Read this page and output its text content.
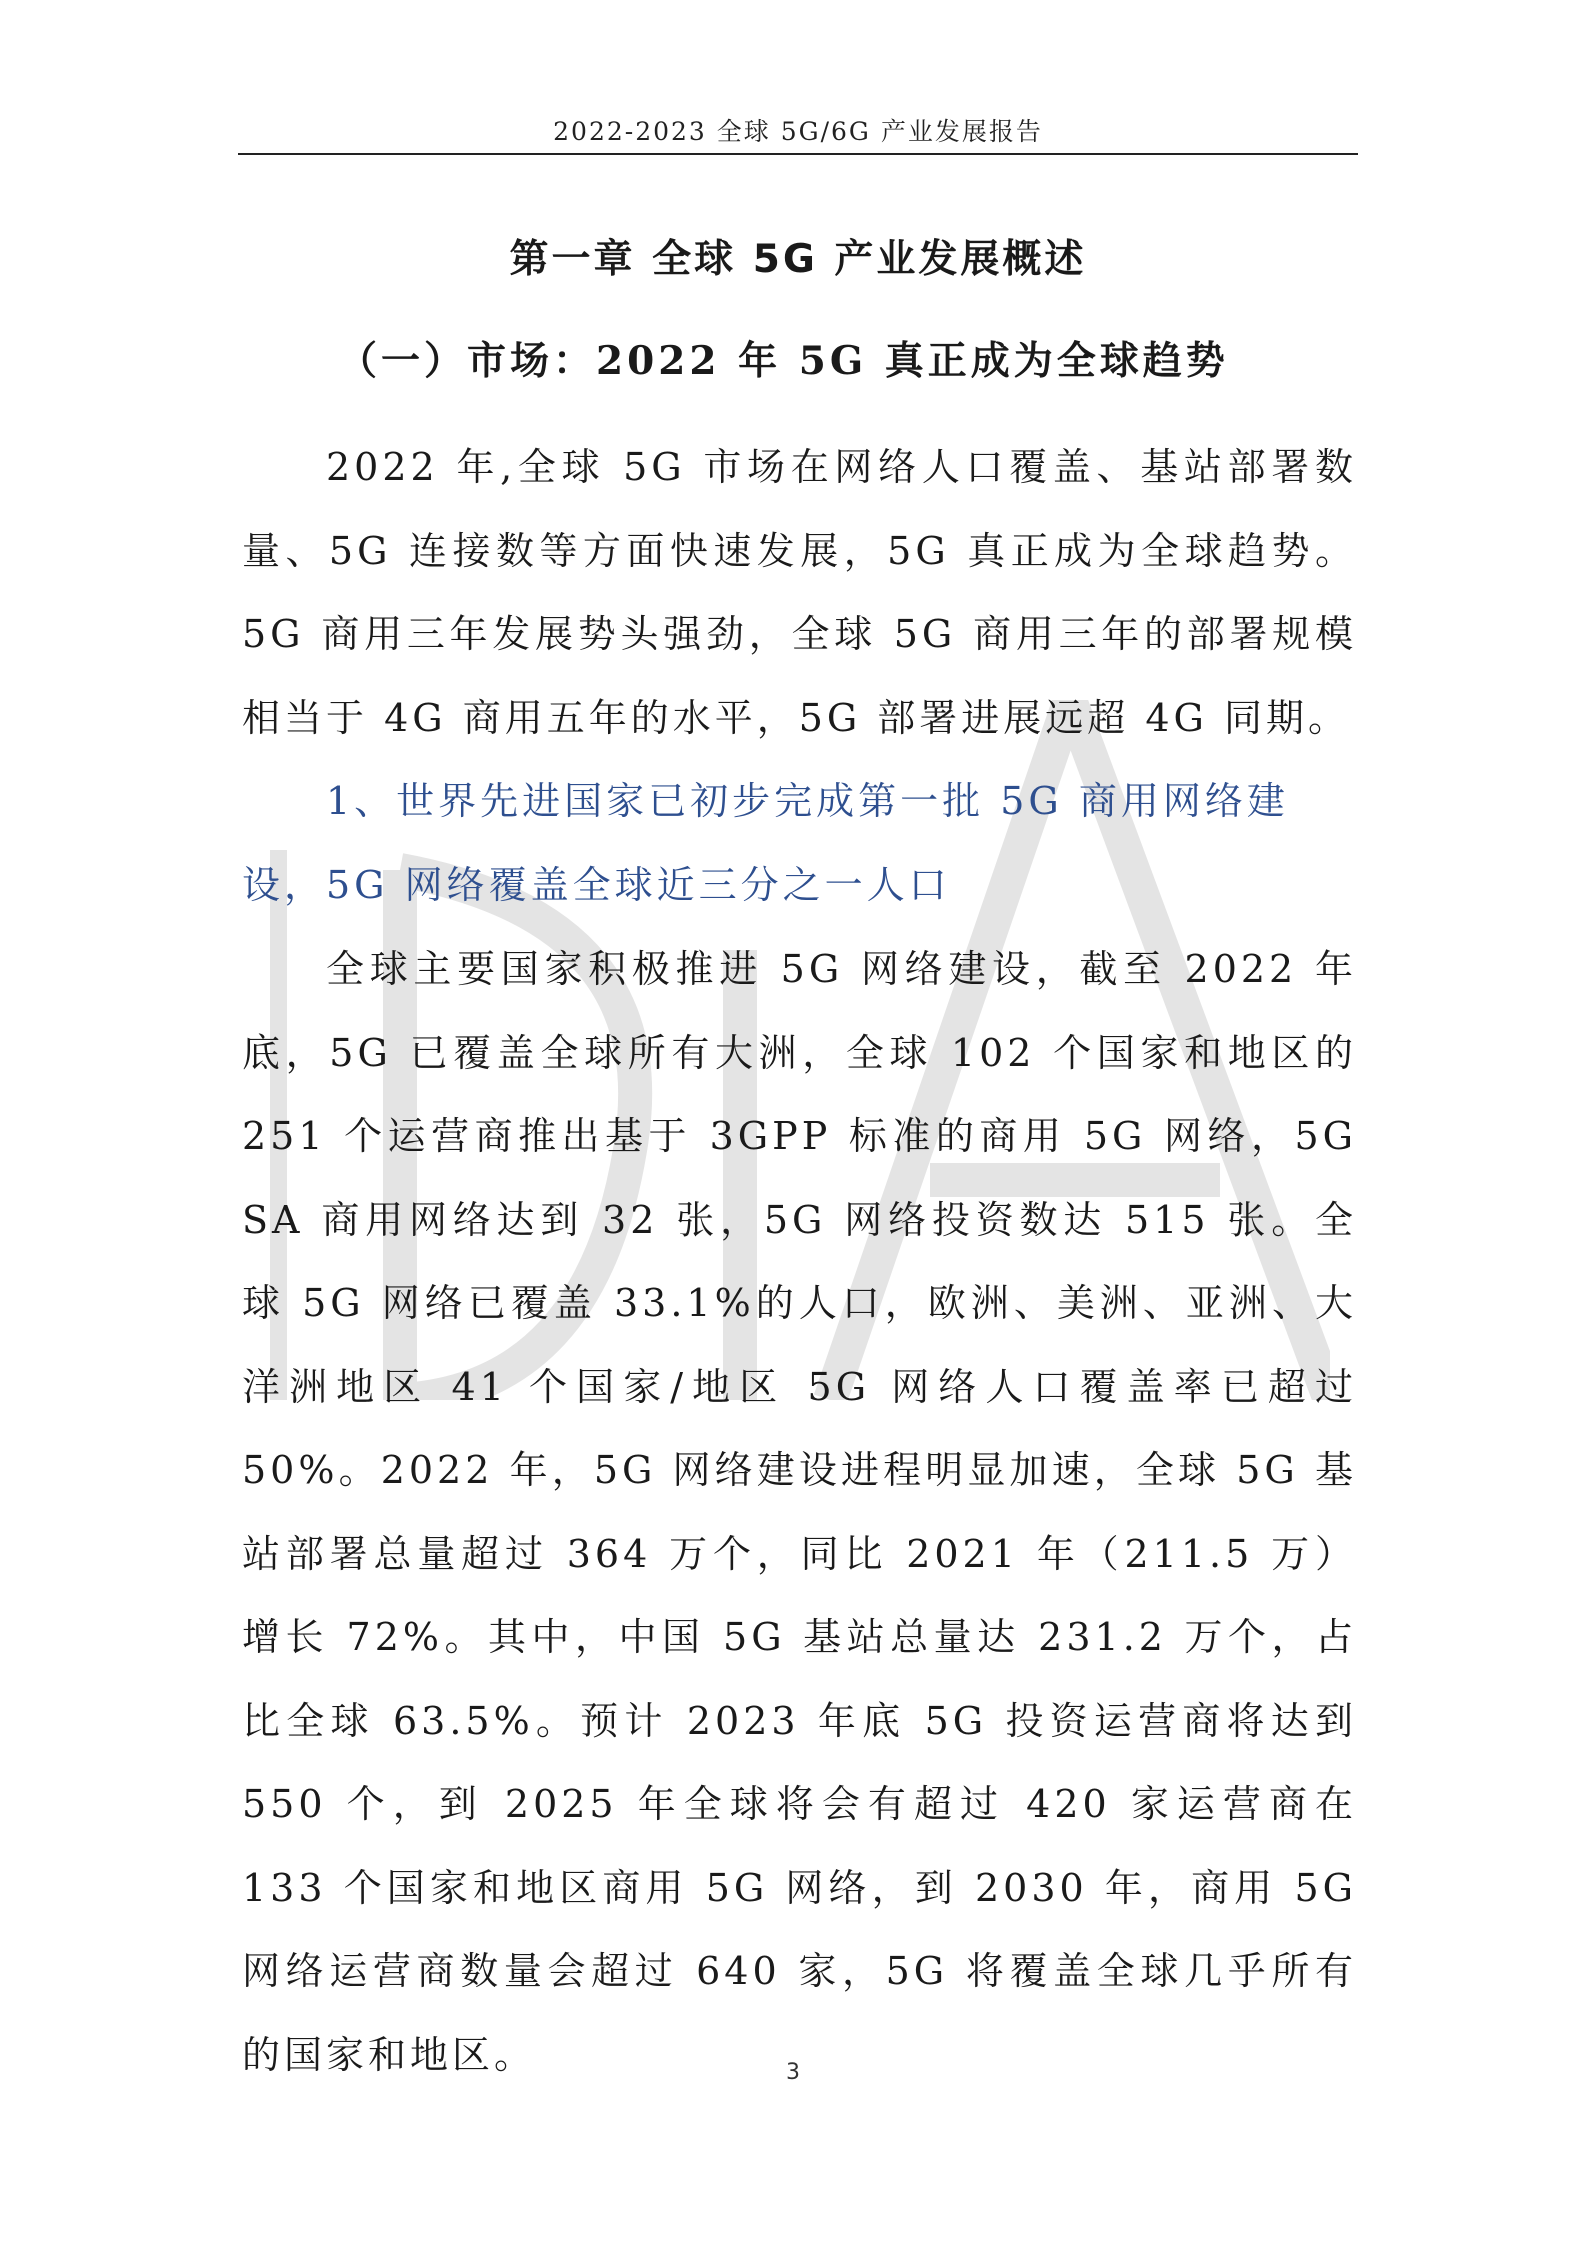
2022-2023 全球 5G/6G 产业发展报告
第一章 全球 5G 产业发展概述
（一）市场：2022 年 5G 真正成为全球趋势

2022 年,全球 5G 市场在网络人口覆盖、基站部署数量、5G 连接数等方面快速发展，5G 真正成为全球趋势。5G 商用三年发展势头强劲，全球 5G 商用三年的部署规模相当于 4G 商用五年的水平，5G 部署进展远超 4G 同期。

1、世界先进国家已初步完成第一批 5G 商用网络建设，5G 网络覆盖全球近三分之一人口

全球主要国家积极推进 5G 网络建设，截至 2022 年底，5G 已覆盖全球所有大洲，全球 102 个国家和地区的 251 个运营商推出基于 3GPP 标准的商用 5G 网络，5G SA 商用网络达到 32 张，5G 网络投资数达 515 张。全球 5G 网络已覆盖 33.1%的人口，欧洲、美洲、亚洲、大洋洲地区 41 个国家/地区 5G 网络人口覆盖率已超过 50%。2022 年，5G 网络建设进程明显加速，全球 5G 基站部署总量超过 364 万个，同比 2021 年（211.5 万）增长 72%。其中，中国 5G 基站总量达 231.2 万个，占比全球 63.5%。预计 2023 年底 5G 投资运营商将达到 550 个，到 2025 年全球将会有超过 420 家运营商在 133 个国家和地区商用 5G 网络，到 2030 年，商用 5G 网络运营商数量会超过 640 家，5G 将覆盖全球几乎所有的国家和地区。	3
